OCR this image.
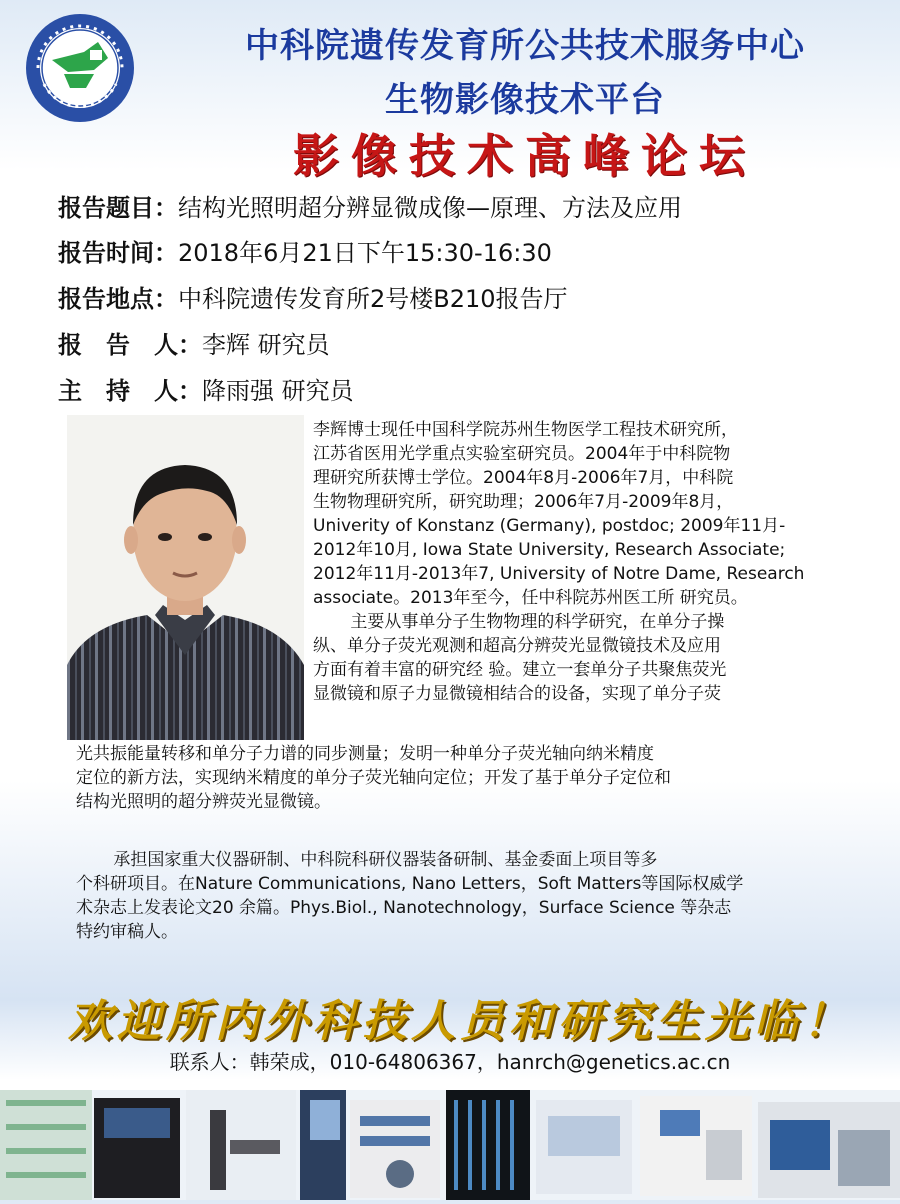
中科院遗传发育所公共技术服务中心
生物影像技术平台
影像技术高峰论坛
报告题目：结构光照明超分辨显微成像—原理、方法及应用
报告时间：2018年6月21日下午15:30-16:30
报告地点：中科院遗传发育所2号楼B210报告厅
报　告　人：李辉 研究员
主　持　人：降雨强 研究员

李辉博士现任中国科学院苏州生物医学工程技术研究所，

江苏省医用光学重点实验室研究员。2004年于中科院物

理研究所获博士学位。2004年8月-2006年7月，中科院

生物物理研究所，研究助理；2006年7月-2009年8月，

Univerity of Konstanz (Germany), postdoc; 2009年11月-

2012年10月, Iowa State University, Research Associate;

2012年11月-2013年7, University of Notre Dame, Research

associate。2013年至今，任中科院苏州医工所 研究员。

主要从事单分子生物物理的科学研究，在单分子操

纵、单分子荧光观测和超高分辨荧光显微镜技术及应用

方面有着丰富的研究经 验。建立一套单分子共聚焦荧光

显微镜和原子力显微镜相结合的设备，实现了单分子荧

光共振能量转移和单分子力谱的同步测量；发明一种单分子荧光轴向纳米精度

定位的新方法，实现纳米精度的单分子荧光轴向定位；开发了基于单分子定位和

结构光照明的超分辨荧光显微镜。

承担国家重大仪器研制、中科院科研仪器装备研制、基金委面上项目等多

个科研项目。在Nature Communications, Nano Letters，Soft Matters等国际权威学

术杂志上发表论文20 余篇。Phys.Biol., Nanotechnology，Surface Science 等杂志

特约审稿人。

欢迎所内外科技人员和研究生光临！
联系人：韩荣成，010-64806367，hanrch@genetics.ac.cn
